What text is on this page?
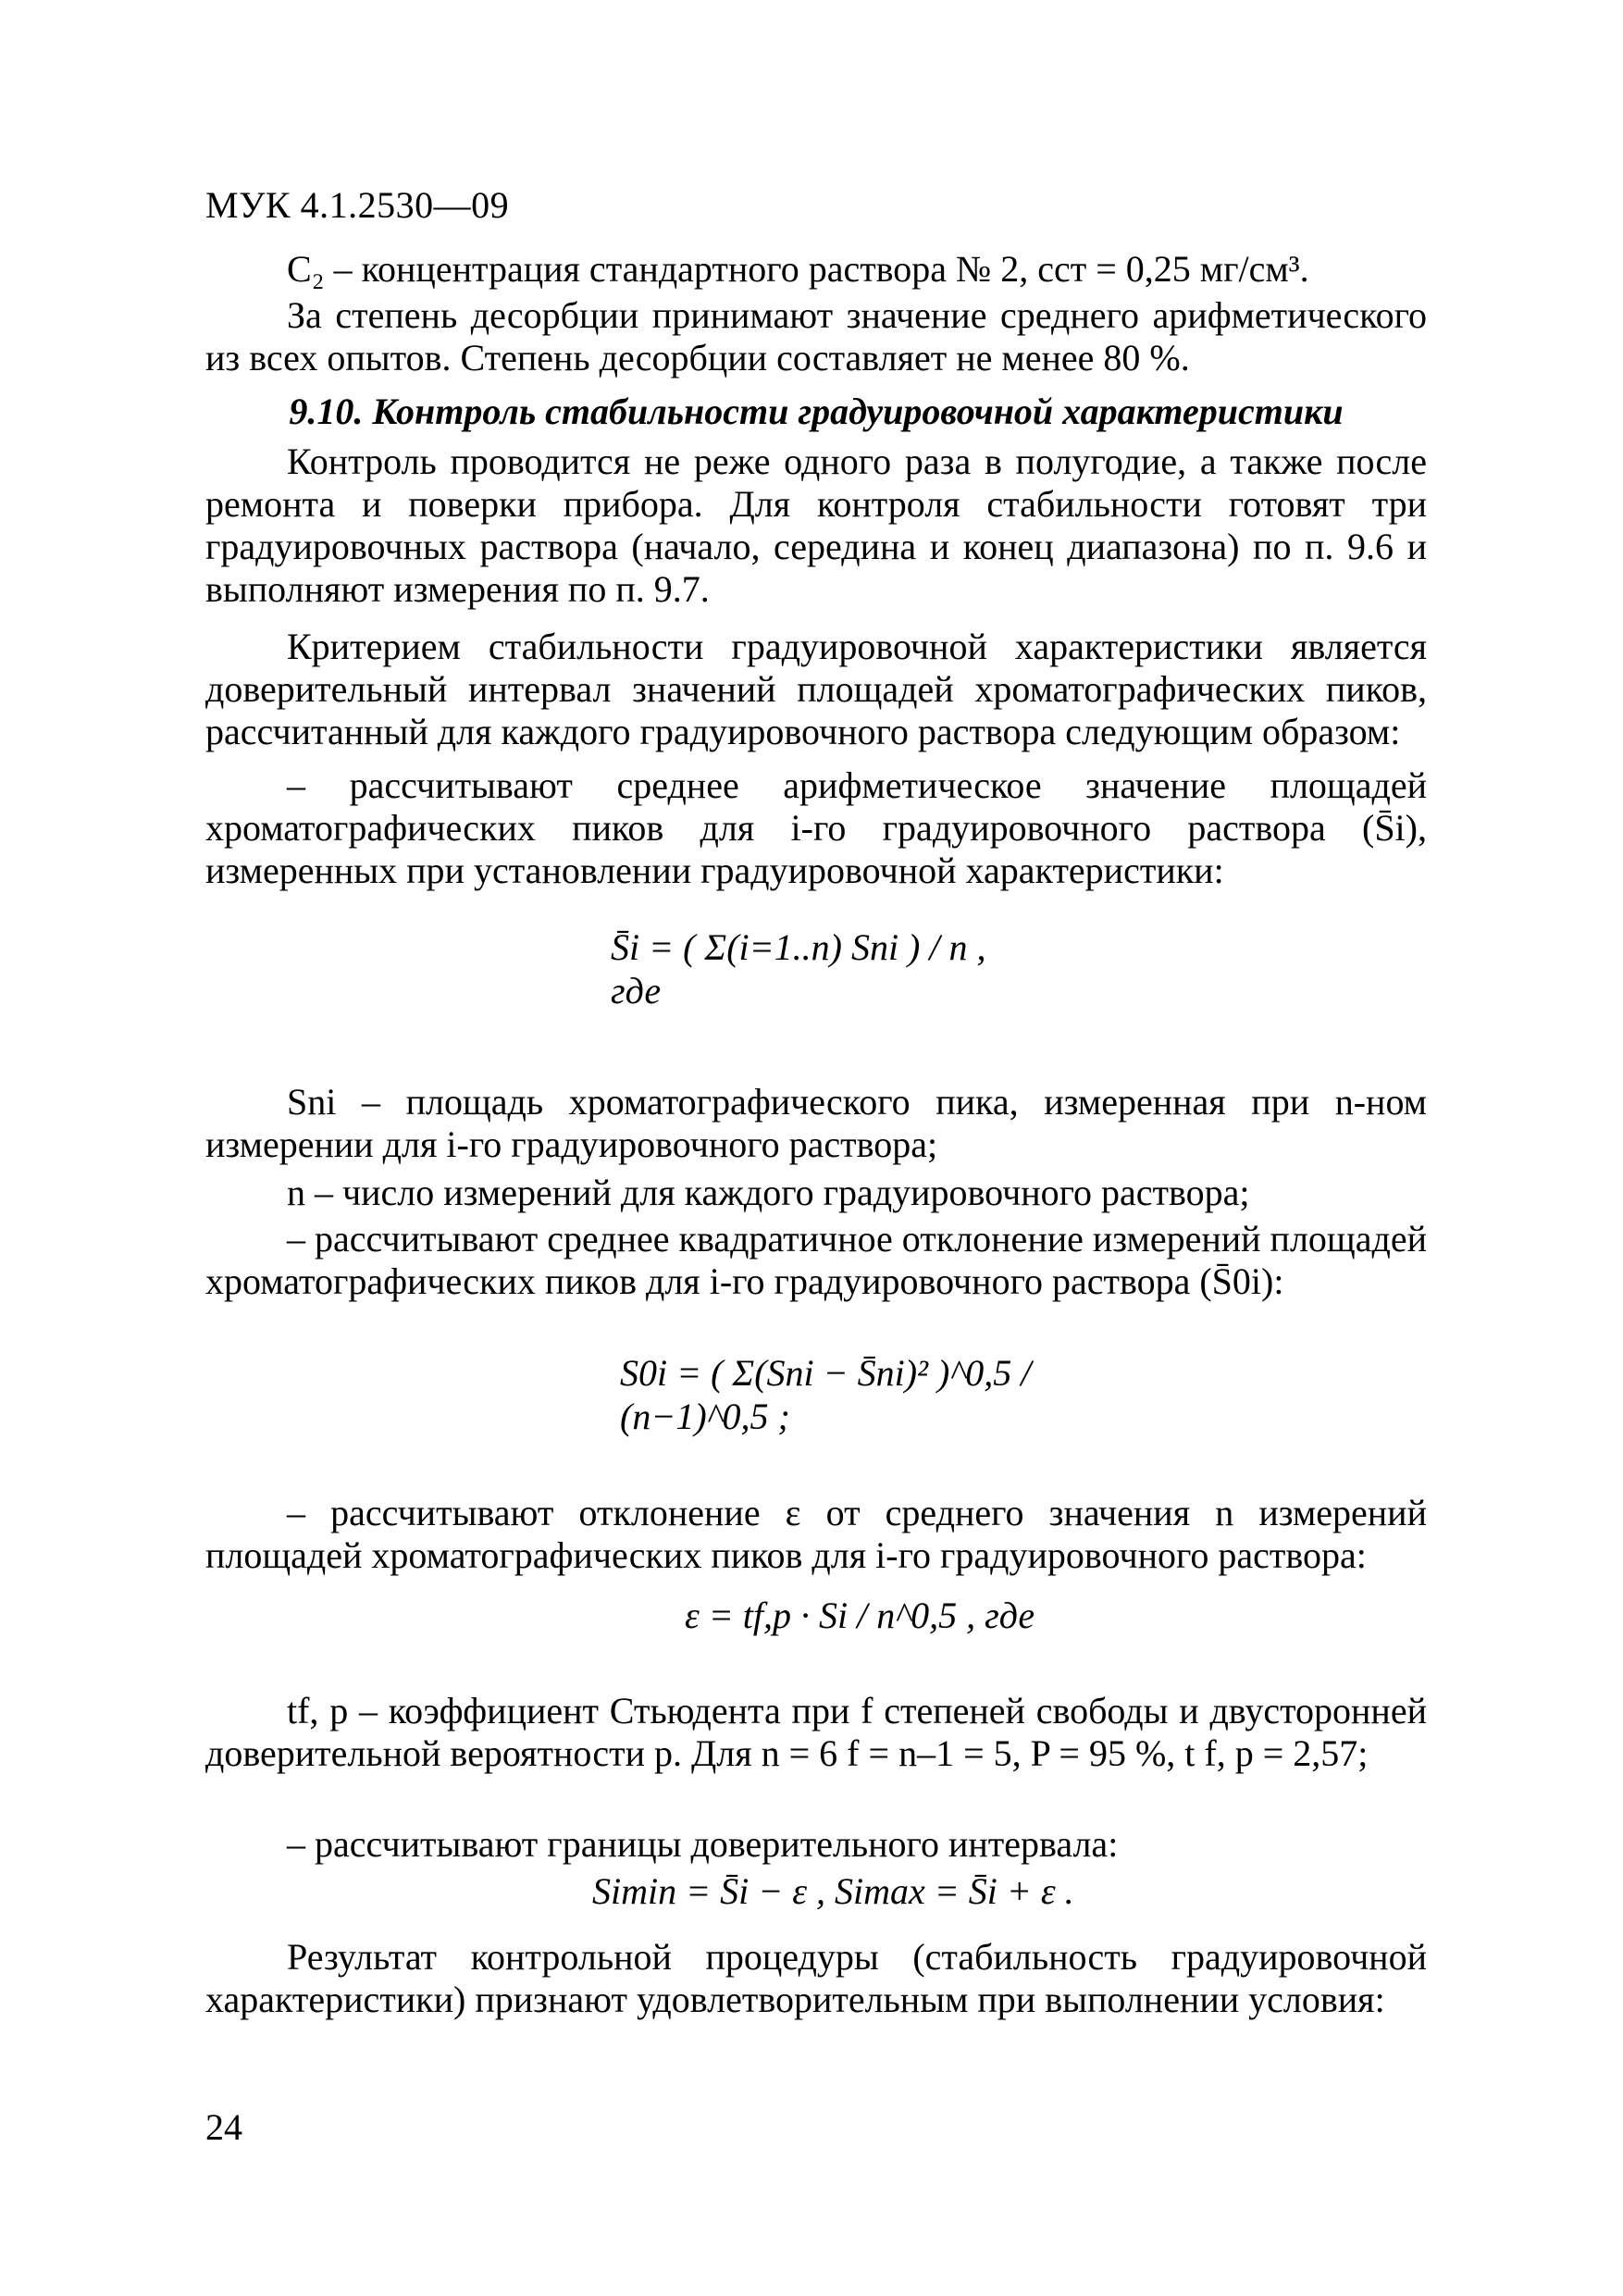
МУК 4.1.2530—09
C₂ – концентрация стандартного раствора № 2, cст = 0,25 мг/см³.
За степень десорбции принимают значение среднего арифметического из всех опытов. Степень десорбции составляет не менее 80 %.
9.10. Контроль стабильности градуировочной характеристики
Контроль проводится не реже одного раза в полугодие, а также после ремонта и поверки прибора. Для контроля стабильности готовят три градуировочных раствора (начало, середина и конец диапазона) по п. 9.6 и выполняют измерения по п. 9.7.
Критерием стабильности градуировочной характеристики является доверительный интервал значений площадей хроматографических пиков, рассчитанный для каждого градуировочного раствора следующим образом:
– рассчитывают среднее арифметическое значение площадей хроматографических пиков для i-го градуировочного раствора (S̄i), измеренных при установлении градуировочной характеристики:
S̄i = ( Σ(i=1..n) Sni ) / n , где
Sni – площадь хроматографического пика, измеренная при n-ном измерении для i-го градуировочного раствора;
n – число измерений для каждого градуировочного раствора;
– рассчитывают среднее квадратичное отклонение измерений площадей хроматографических пиков для i-го градуировочного раствора (S̄0i):
S0i = ( Σ(Sni − S̄ni)² )^0,5 / (n−1)^0,5 ;
– рассчитывают отклонение ε от среднего значения n измерений площадей хроматографических пиков для i-го градуировочного раствора:
ε = tf,p · Si / n^0,5 , где
tf, p – коэффициент Стьюдента при f степеней свободы и двусторонней доверительной вероятности p. Для n = 6 f = n–1 = 5, P = 95 %, t f, p = 2,57;
– рассчитывают границы доверительного интервала:
Simin = S̄i − ε , Simax = S̄i + ε .
Результат контрольной процедуры (стабильность градуировочной характеристики) признают удовлетворительным при выполнении условия:
24
